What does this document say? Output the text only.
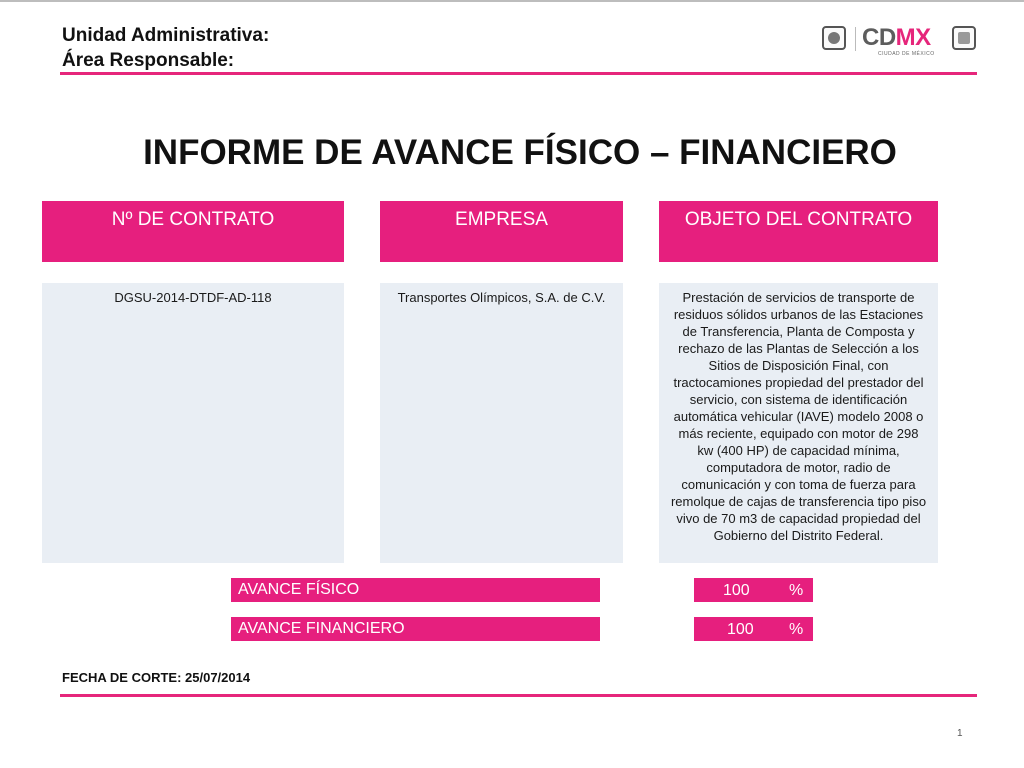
Unidad Administrativa:
Área Responsable:
CDMX
CIUDAD DE MÉXICO
INFORME DE AVANCE FÍSICO – FINANCIERO
Nº DE CONTRATO	EMPRESA	OBJETO DEL CONTRATO
DGSU-2014-DTDF-AD-118	Transportes Olímpicos, S.A. de C.V.	Prestación de servicios de transporte de residuos sólidos urbanos de las Estaciones de Transferencia, Planta de Composta y rechazo de las Plantas de Selección a los Sitios de Disposición Final, con tractocamiones propiedad del prestador del servicio, con sistema de identificación automática vehicular (IAVE) modelo 2008 o más reciente, equipado con motor de 298 kw (400 HP) de capacidad mínima, computadora de motor, radio de comunicación y con toma de fuerza para remolque de cajas de transferencia tipo piso vivo de 70 m3 de capacidad propiedad del Gobierno del Distrito Federal.
AVANCE FÍSICO	100 %
AVANCE FINANCIERO	100 %
FECHA DE CORTE: 25/07/2014
1
